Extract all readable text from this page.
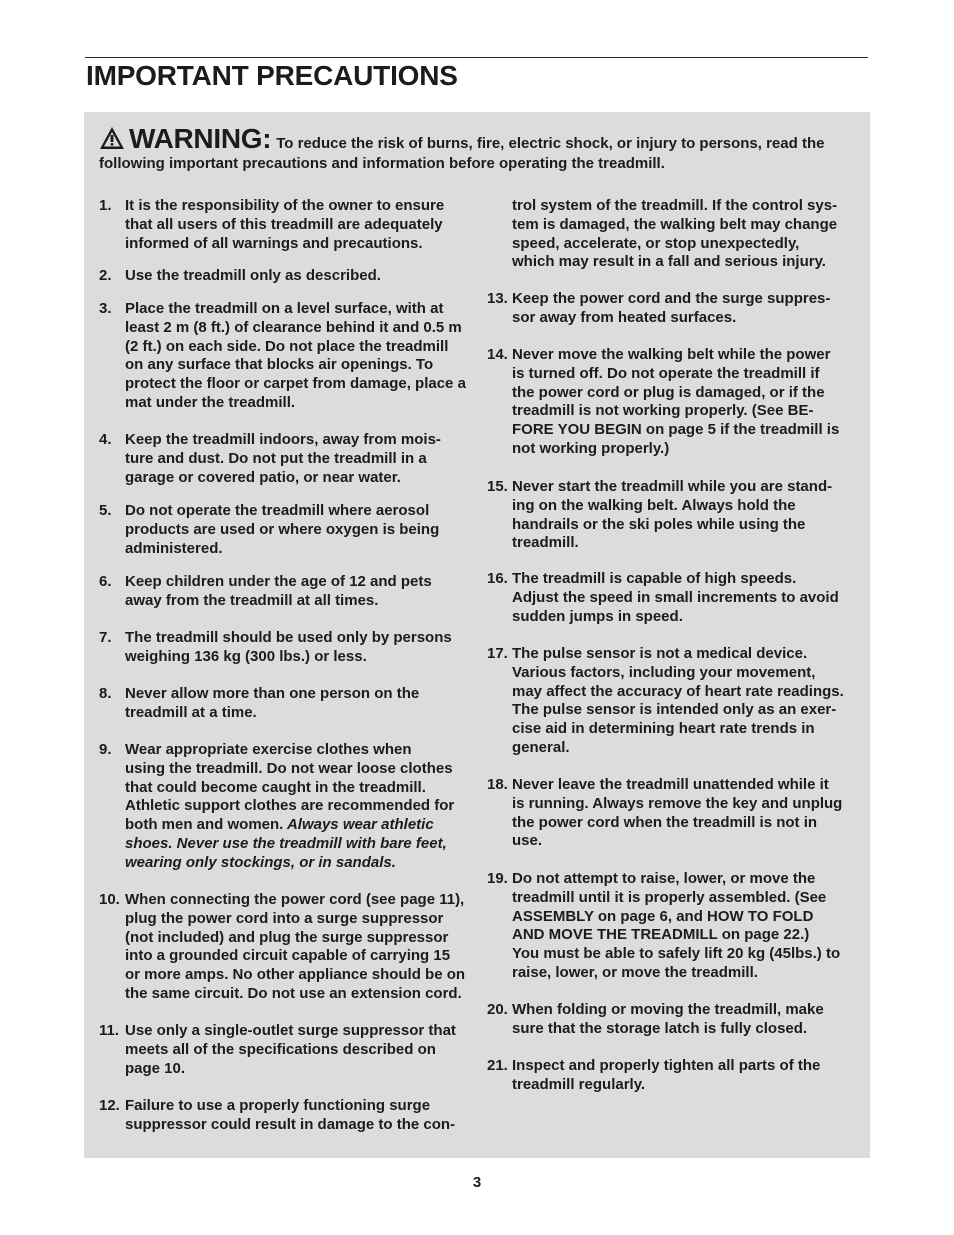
IMPORTANT PRECAUTIONS
WARNING: To reduce the risk of burns, fire, electric shock, or injury to persons, read the
following important precautions and information before operating the treadmill.
1. It is the responsibility of the owner to ensure
that all users of this treadmill are adequately
informed of all warnings and precautions.
2. Use the treadmill only as described.
3. Place the treadmill on a level surface, with at
least 2 m (8 ft.) of clearance behind it and 0.5 m
(2 ft.) on each side. Do not place the treadmill
on any surface that blocks air openings. To
protect the floor or carpet from damage, place a
mat under the treadmill.
4. Keep the treadmill indoors, away from mois-
ture and dust. Do not put the treadmill in a
garage or covered patio, or near water.
5. Do not operate the treadmill where aerosol
products are used or where oxygen is being
administered.
6. Keep children under the age of 12 and pets
away from the treadmill at all times.
7. The treadmill should be used only by persons
weighing 136 kg (300 lbs.) or less.
8. Never allow more than one person on the
treadmill at a time.
9. Wear appropriate exercise clothes when
using the treadmill. Do not wear loose clothes
that could become caught in the treadmill.
Athletic support clothes are recommended for
both men and women. Always wear athletic
shoes. Never use the treadmill with bare feet,
wearing only stockings, or in sandals.
10. When connecting the power cord (see page 11),
plug the power cord into a surge suppressor
(not included) and plug the surge suppressor
into a grounded circuit capable of carrying 15
or more amps. No other appliance should be on
the same circuit. Do not use an extension cord.
11. Use only a single-outlet surge suppressor that
meets all of the specifications described on
page 10.
12. Failure to use a properly functioning surge
suppressor could result in damage to the con-
trol system of the treadmill. If the control sys-
tem is damaged, the walking belt may change
speed, accelerate, or stop unexpectedly,
which may result in a fall and serious injury.
13. Keep the power cord and the surge suppres-
sor away from heated surfaces.
14. Never move the walking belt while the power
is turned off. Do not operate the treadmill if
the power cord or plug is damaged, or if the
treadmill is not working properly. (See BE-
FORE YOU BEGIN on page 5 if the treadmill is
not working properly.)
15. Never start the treadmill while you are stand-
ing on the walking belt. Always hold the
handrails or the ski poles while using the
treadmill.
16. The treadmill is capable of high speeds.
Adjust the speed in small increments to avoid
sudden jumps in speed.
17. The pulse sensor is not a medical device.
Various factors, including your movement,
may affect the accuracy of heart rate readings.
The pulse sensor is intended only as an exer-
cise aid in determining heart rate trends in
general.
18. Never leave the treadmill unattended while it
is running. Always remove the key and unplug
the power cord when the treadmill is not in
use.
19. Do not attempt to raise, lower, or move the
treadmill until it is properly assembled. (See
ASSEMBLY on page 6, and HOW TO FOLD
AND MOVE THE TREADMILL on page 22.)
You must be able to safely lift 20 kg (45lbs.) to
raise, lower, or move the treadmill.
20. When folding or moving the treadmill, make
sure that the storage latch is fully closed.
21. Inspect and properly tighten all parts of the
treadmill regularly.
3
